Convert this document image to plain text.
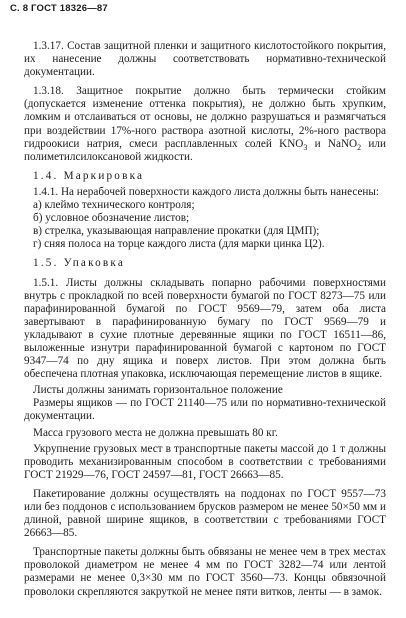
С. 8 ГОСТ 18326—87

1.3.17. Состав защитной пленки и защитного кислотостойкого покрытия, их нанесение должны соответствовать нормативно-технической документации.

1.3.18. Защитное покрытие должно быть термически стойким (допускается изменение оттенка покрытия), не должно быть хрупким, ломким и отслаиваться от основы, не должно разрушаться и размягчаться при воздействии 17%-ного раствора азотной кислоты, 2%-ного раствора гидроокиси натрия, смеси расплавленных солей $KNO_3$ и NaNO$_2$ или полиметилсилоксановой жидкости.

1.4. Маркировка

1.4.1. На нерабочей поверхности каждого листа должны быть нанесены:

а) клеймо технического контроля;
б) условное обозначение листов;
в) стрелка, указывающая направление прокатки (для ЦМП);
г) сняя полоса на торце каждого листа (для марки цинка Ц2).

1.5. Упаковка

1.5.1. Листы должны складывать попарно рабочими поверхностями внутрь с прокладкой по всей поверхности бумагой по ГОСТ 8273—75 или парафинированной бумагой по ГОСТ 9569—79, затем оба листа завертывают в парафинированную бумагу по ГОСТ 9569—79 и укладывают в сухие плотные деревянные ящики по ГОСТ 16511—86, выложенные изнутри парафинированной бумагой с картоном по ГОСТ 9347—74 по дну ящика и поверх листов. При этом должна быть обеспечена плотная упаковка, исключающая перемещение листов в ящике.

Листы должны занимать горизонтальное положение

Размеры ящиков — по ГОСТ 21140—75 или по нормативно-технической документации.

Масса грузового места не должна превышать 80 кг.

Укрупнение грузовых мест в транспортные пакеты массой до 1 т должны проводить механизированным способом в соответствии с требованиями ГОСТ 21929—76, ГОСТ 24597—81, ГОСТ 26663—85.

Пакетирование должны осуществлять на поддонах по ГОСТ 9557—73 или без поддонов с использованием брусков размером не менее 50×50 мм и длиной, равной ширине ящиков, в соответствии с требованиями ГОСТ 26663—85.

Транспортные пакеты должны быть обвязаны не менее чем в трех местах проволокой диаметром не менее 4 мм по ГОСТ 3282—74 или лентой размерами не менее 0,3×30 мм по ГОСТ 3560—73. Концы обвязочной проволоки скрепляются закруткой не менее пяти витков, ленты — в замок.
